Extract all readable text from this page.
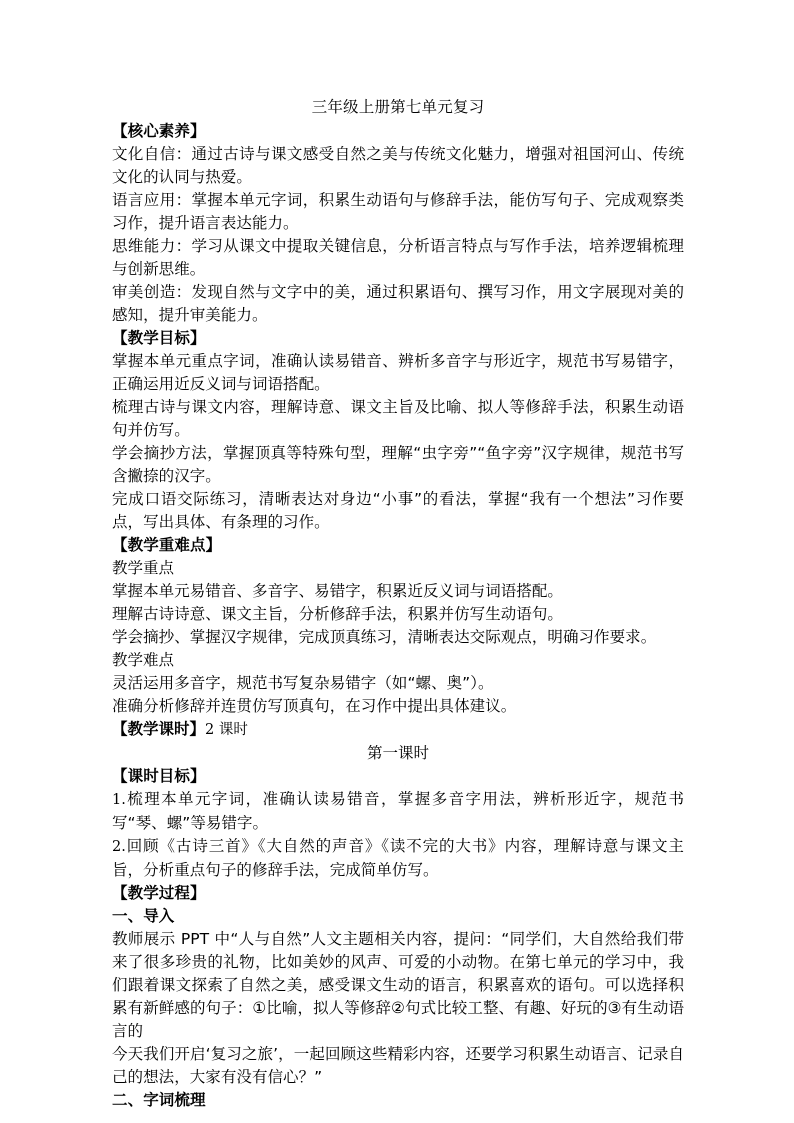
三年级上册第七单元复习
【核心素养】

文化自信：通过古诗与课文感受自然之美与传统文化魅力，增强对祖国河山、传统文化的认同与热爱。

语言应用：掌握本单元字词，积累生动语句与修辞手法，能仿写句子、完成观察类习作，提升语言表达能力。

思维能力：学习从课文中提取关键信息，分析语言特点与写作手法，培养逻辑梳理与创新思维。

审美创造：发现自然与文字中的美，通过积累语句、撰写习作，用文字展现对美的感知，提升审美能力。

【教学目标】

掌握本单元重点字词，准确认读易错音、辨析多音字与形近字，规范书写易错字，正确运用近反义词与词语搭配。

梳理古诗与课文内容，理解诗意、课文主旨及比喻、拟人等修辞手法，积累生动语句并仿写。

学会摘抄方法，掌握顶真等特殊句型，理解“虫字旁”“鱼字旁”汉字规律，规范书写含撇捺的汉字。

完成口语交际练习，清晰表达对身边“小事”的看法，掌握“我有一个想法”习作要点，写出具体、有条理的习作。

【教学重难点】
教学重点

掌握本单元易错音、多音字、易错字，积累近反义词与词语搭配。

理解古诗诗意、课文主旨，分析修辞手法，积累并仿写生动语句。

学会摘抄、掌握汉字规律，完成顶真练习，清晰表达交际观点，明确习作要求。

教学难点

灵活运用多音字，规范书写复杂易错字（如“螺、奥”）。

准确分析修辞并连贯仿写顶真句，在习作中提出具体建议。

【教学课时】2 课时
第一课时
【课时目标】

1.梳理本单元字词，准确认读易错音，掌握多音字用法，辨析形近字，规范书写“琴、螺”等易错字。

2.回顾《古诗三首》《大自然的声音》《读不完的大书》内容，理解诗意与课文主旨，分析重点句子的修辞手法，完成简单仿写。

【教学过程】
一、导入

教师展示 PPT 中“人与自然”人文主题相关内容，提问：“同学们，大自然给我们带来了很多珍贵的礼物，比如美妙的风声、可爱的小动物。在第七单元的学习中，我们跟着课文探索了自然之美，感受课文生动的语言，积累喜欢的语句。可以选择积累有新鲜感的句子：①比喻，拟人等修辞②句式比较工整、有趣、好玩的③有生动语言的

今天我们开启‘复习之旅’，一起回顾这些精彩内容，还要学习积累生动语言、记录自己的想法，大家有没有信心？”

二、字词梳理
